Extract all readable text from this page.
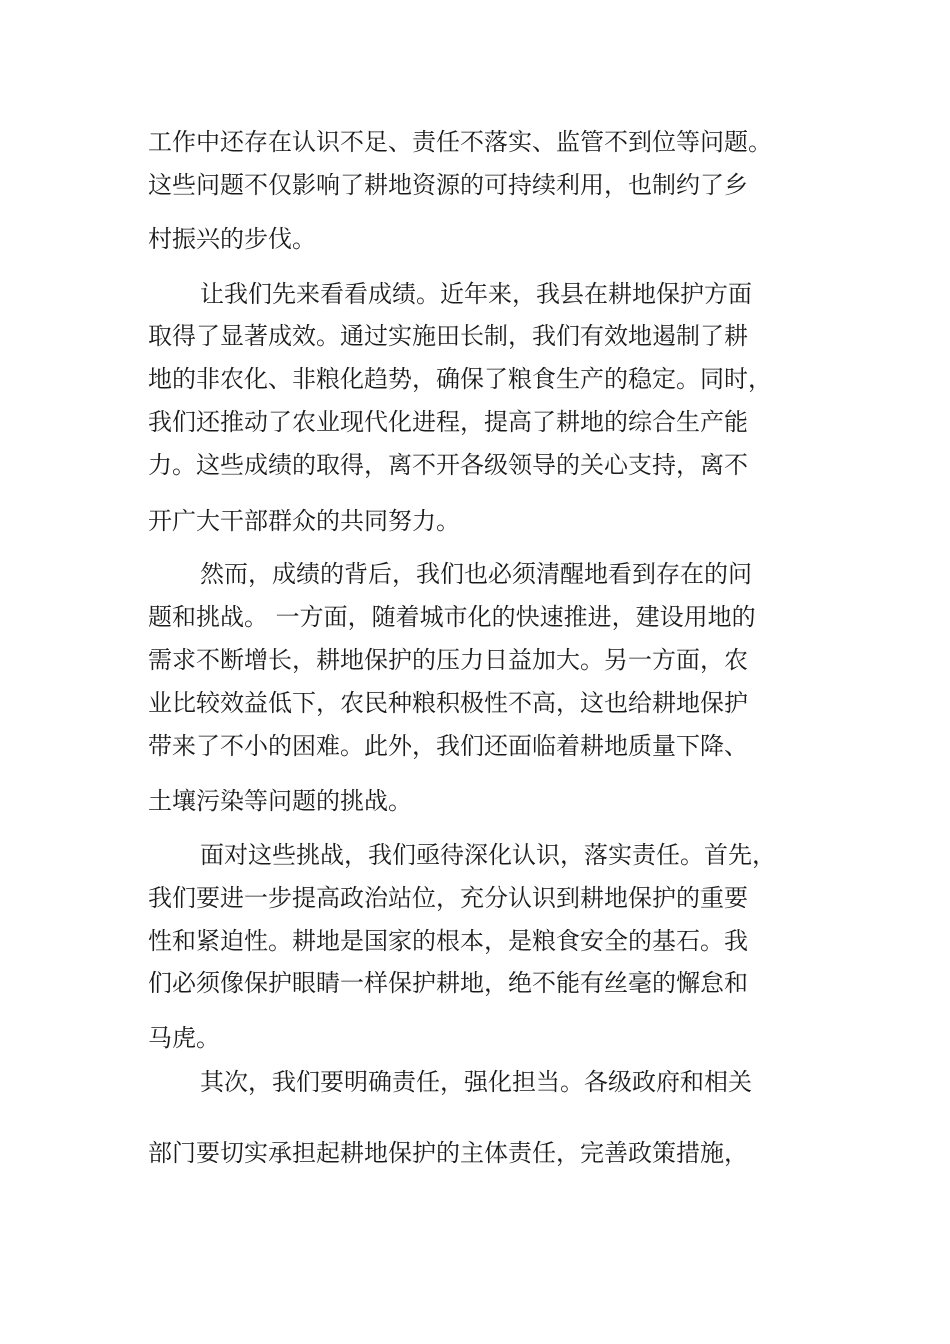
工作中还存在认识不足、责任不落实、监管不到位等问题。

这些问题不仅影响了耕地资源的可持续利用，也制约了乡

村振兴的步伐。

让我们先来看看成绩。近年来，我县在耕地保护方面

取得了显著成效。通过实施田长制，我们有效地遏制了耕

地的非农化、非粮化趋势，确保了粮食生产的稳定。同时，

我们还推动了农业现代化进程，提高了耕地的综合生产能

力。这些成绩的取得，离不开各级领导的关心支持，离不

开广大干部群众的共同努力。

然而，成绩的背后，我们也必须清醒地看到存在的问

题和挑战。 一方面，随着城市化的快速推进，建设用地的

需求不断增长，耕地保护的压力日益加大。另一方面，农

业比较效益低下，农民种粮积极性不高，这也给耕地保护

带来了不小的困难。此外，我们还面临着耕地质量下降、

土壤污染等问题的挑战。

面对这些挑战，我们亟待深化认识，落实责任。首先，

我们要进一步提高政治站位，充分认识到耕地保护的重要

性和紧迫性。耕地是国家的根本，是粮食安全的基石。我

们必须像保护眼睛一样保护耕地，绝不能有丝毫的懈怠和

马虎。

其次，我们要明确责任，强化担当。各级政府和相关

部门要切实承担起耕地保护的主体责任，完善政策措施，
